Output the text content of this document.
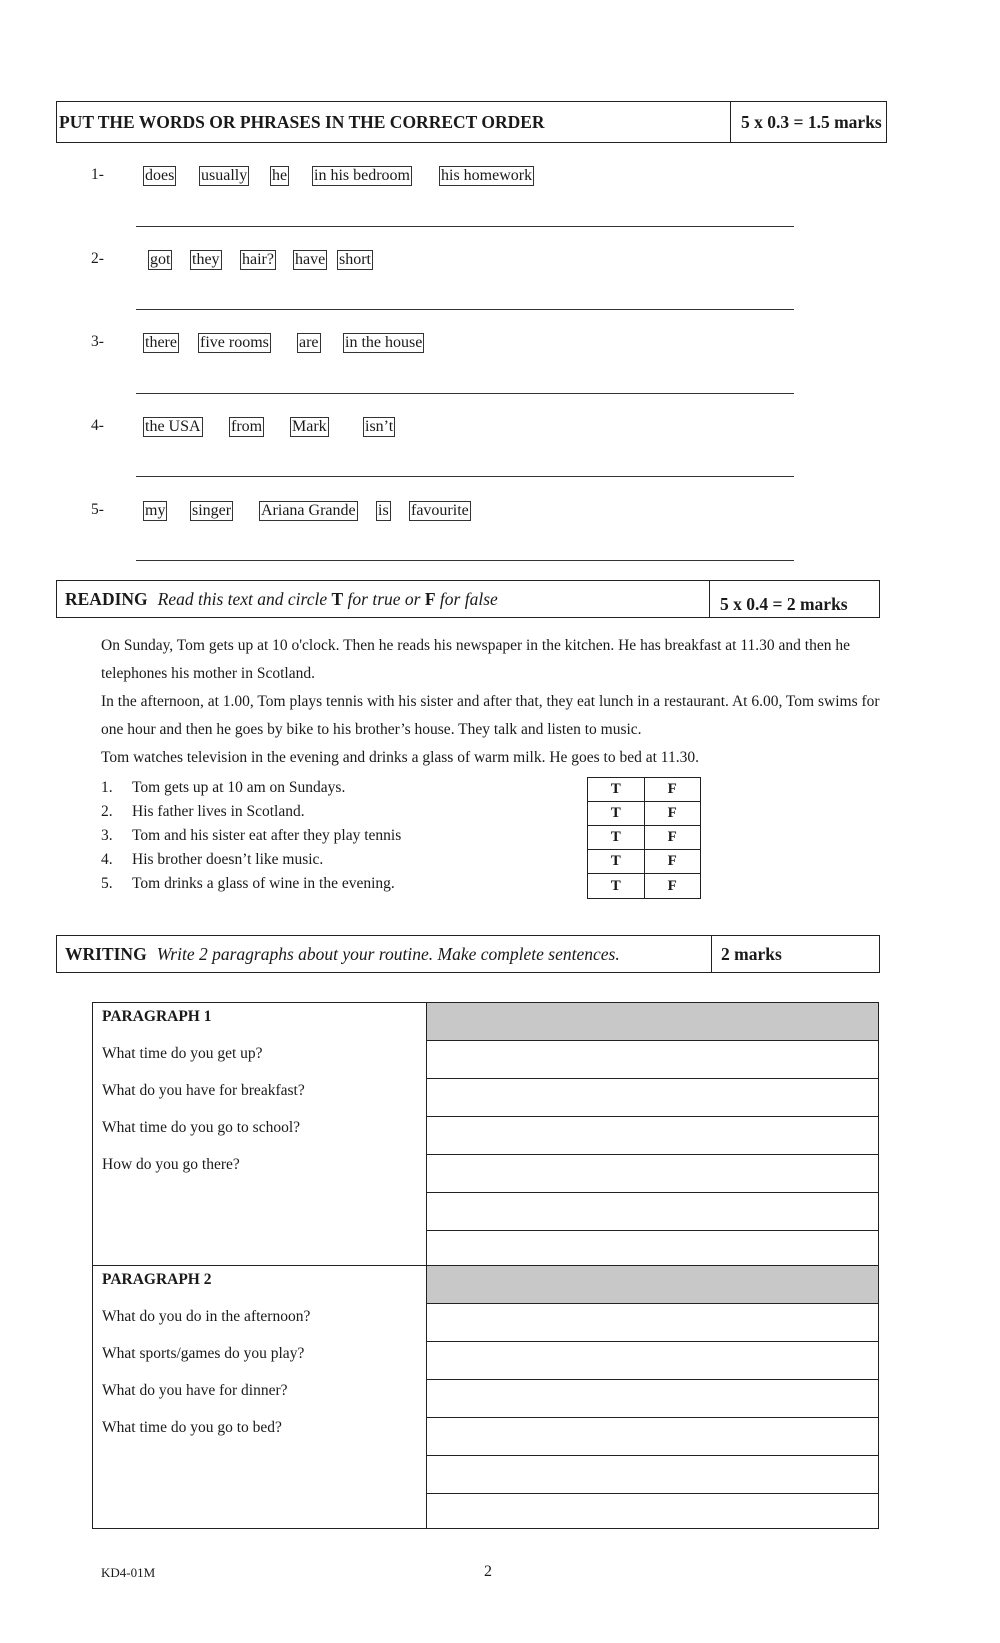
PUT THE WORDS OR PHRASES IN THE CORRECT ORDER	5 x 0.3 = 1.5 marks
1-	does usually he in his bedroom his homework
2-	got they hair? have short
3-	there five rooms are in the house
4-	the USA from Mark isn’t
5-	my singer Ariana Grande is favourite
READING Read this text and circle T for true or F for false	5 x 0.4 = 2 marks
On Sunday, Tom gets up at 10 o'clock. Then he reads his newspaper in the kitchen. He has breakfast at 11.30 and then he telephones his mother in Scotland.
In the afternoon, at 1.00, Tom plays tennis with his sister and after that, they eat lunch in a restaurant. At 6.00, Tom swims for one hour and then he goes by bike to his brother’s house. They talk and listen to music.
Tom watches television in the evening and drinks a glass of warm milk. He goes to bed at 11.30.
1. Tom gets up at 10 am on Sundays.
2. His father lives in Scotland.
3. Tom and his sister eat after they play tennis
4. His brother doesn’t like music.
5. Tom drinks a glass of wine in the evening.
T	F
T	F
T	F
T	F
T	F
WRITING Write 2 paragraphs about your routine. Make complete sentences.	2 marks
PARAGRAPH 1
What time do you get up?
What do you have for breakfast?
What time do you go to school?
How do you go there?
PARAGRAPH 2
What do you do in the afternoon?
What sports/games do you play?
What do you have for dinner?
What time do you go to bed?
KD4-01M	2
